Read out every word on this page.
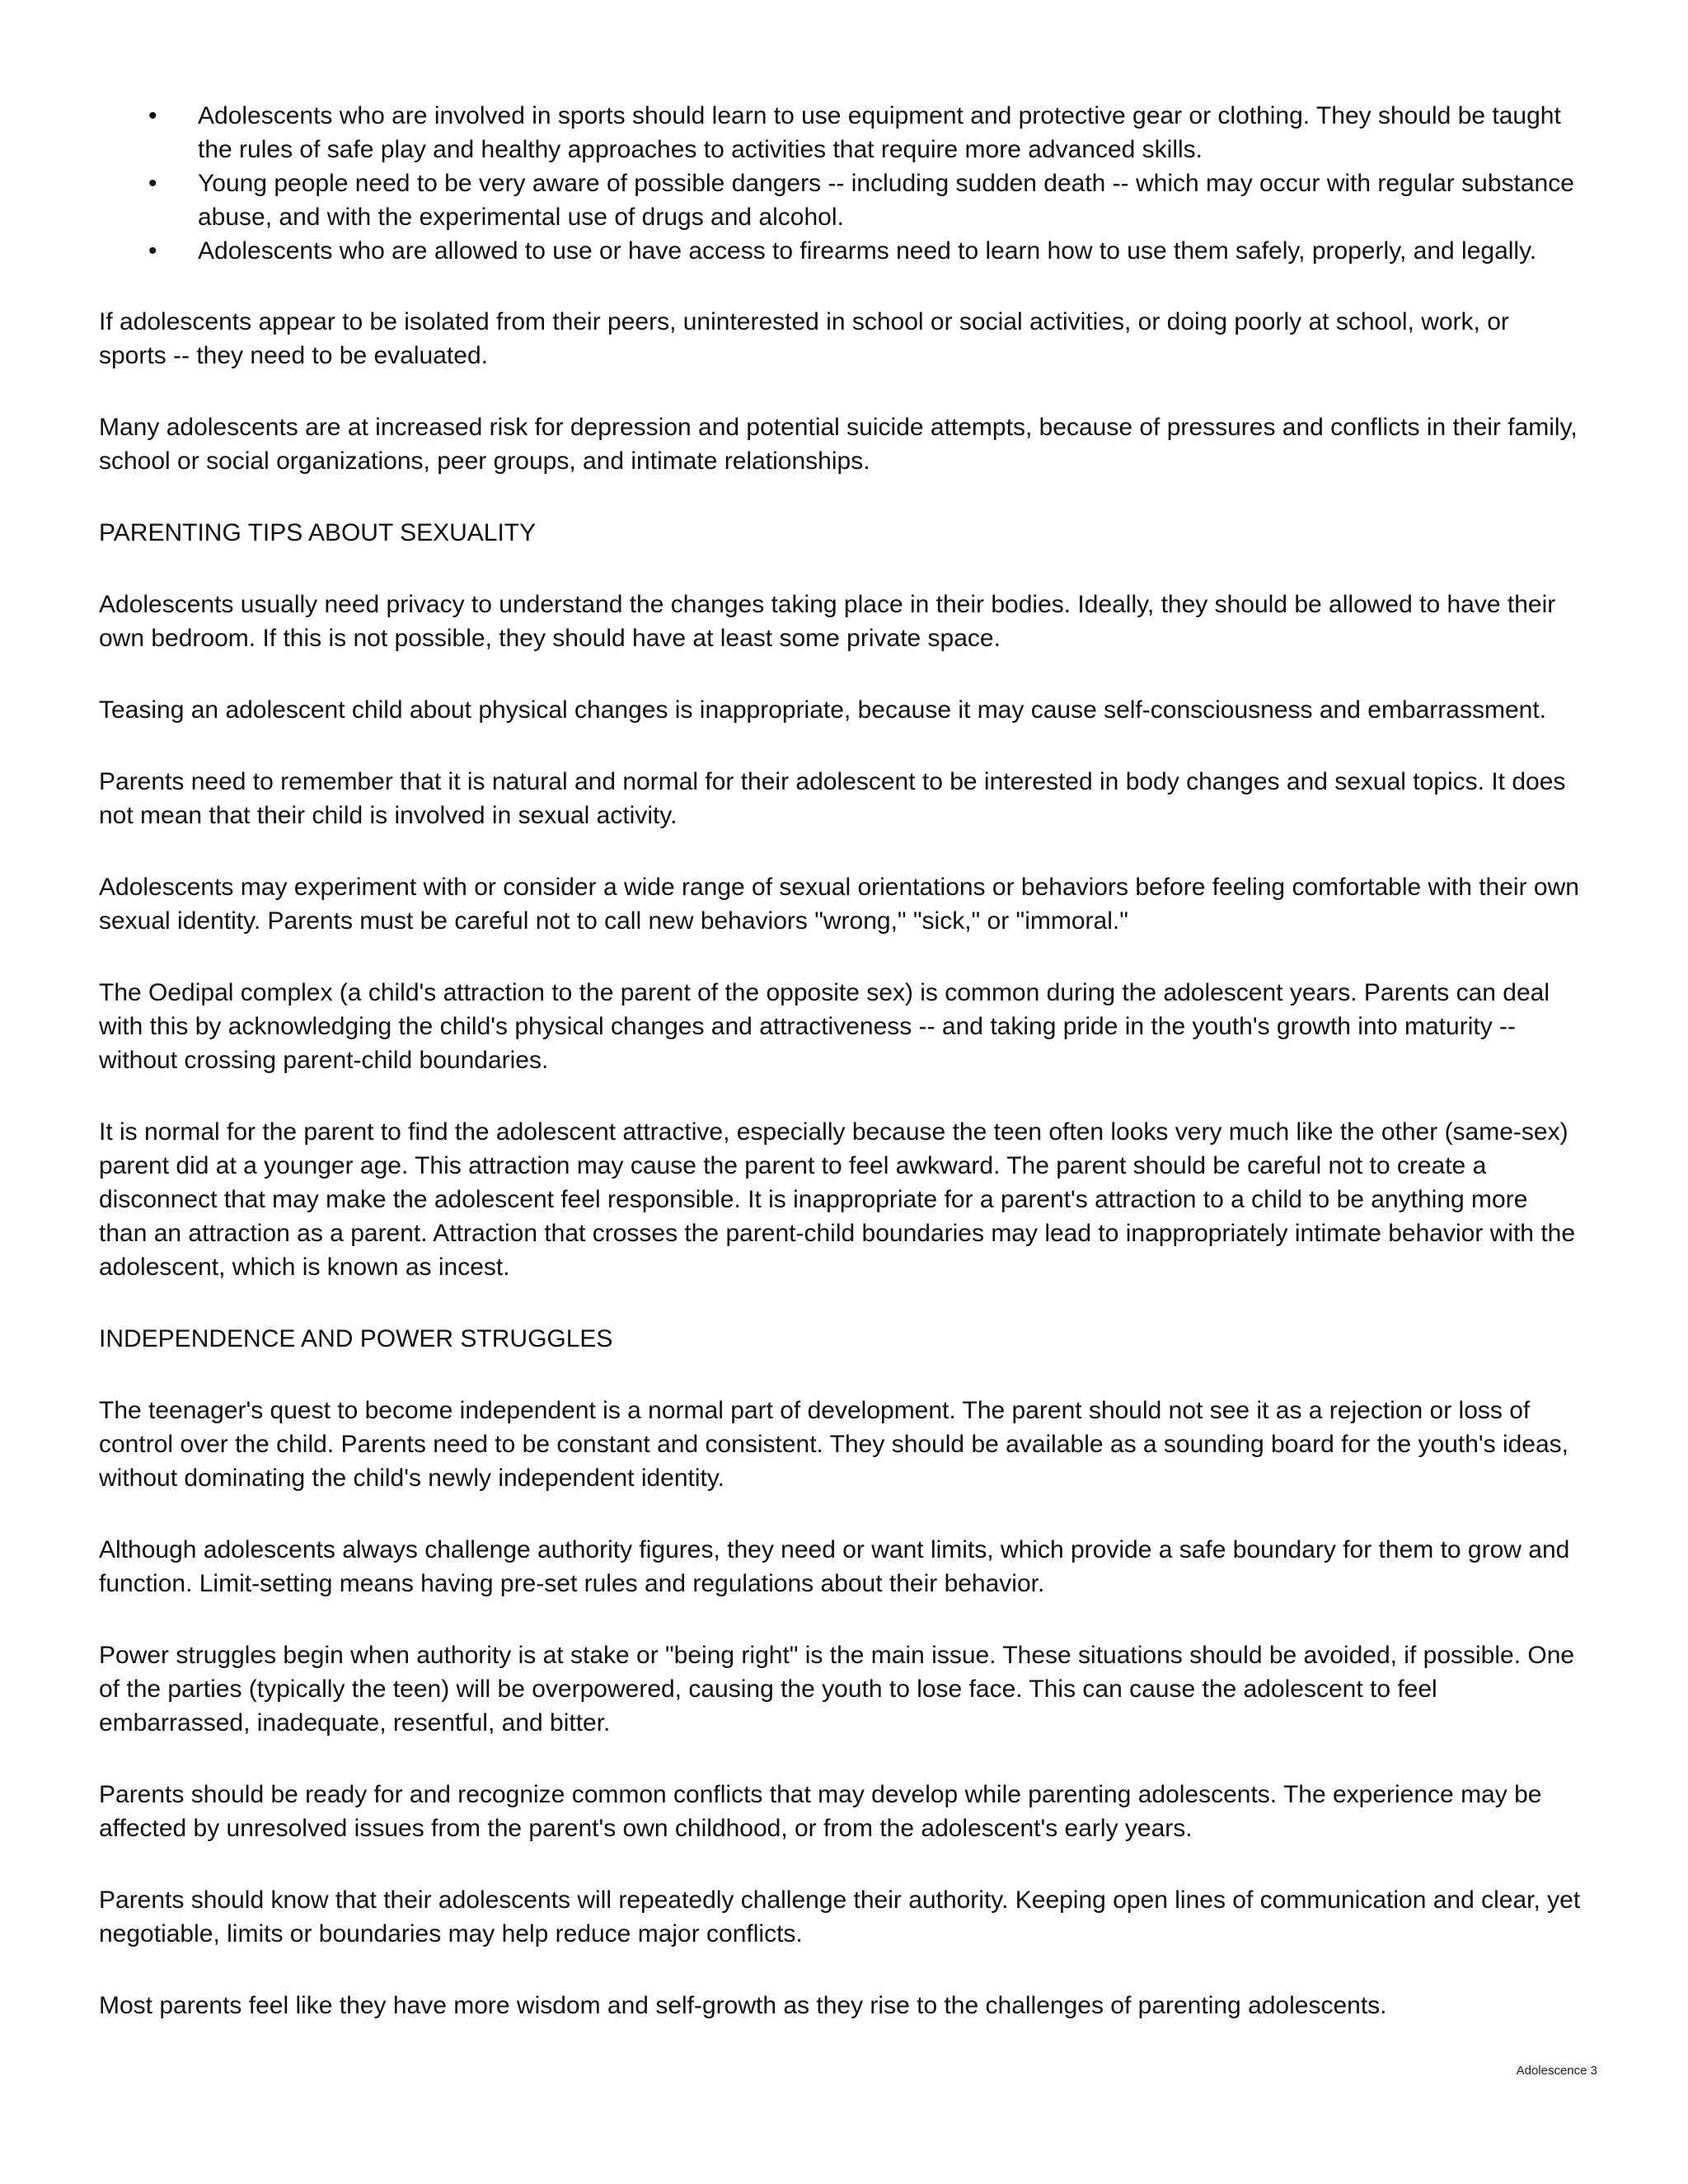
• Adolescents who are involved in sports should learn to use equipment and protective gear or clothing. They should be taught the rules of safe play and healthy approaches to activities that require more advanced skills.
• Young people need to be very aware of possible dangers -- including sudden death -- which may occur with regular substance abuse, and with the experimental use of drugs and alcohol.
• Adolescents who are allowed to use or have access to firearms need to learn how to use them safely, properly, and legally.

If adolescents appear to be isolated from their peers, uninterested in school or social activities, or doing poorly at school, work, or sports -- they need to be evaluated.

Many adolescents are at increased risk for depression and potential suicide attempts, because of pressures and conflicts in their family, school or social organizations, peer groups, and intimate relationships.

PARENTING TIPS ABOUT SEXUALITY

Adolescents usually need privacy to understand the changes taking place in their bodies. Ideally, they should be allowed to have their own bedroom. If this is not possible, they should have at least some private space.

Teasing an adolescent child about physical changes is inappropriate, because it may cause self-consciousness and embarrassment.

Parents need to remember that it is natural and normal for their adolescent to be interested in body changes and sexual topics. It does not mean that their child is involved in sexual activity.

Adolescents may experiment with or consider a wide range of sexual orientations or behaviors before feeling comfortable with their own sexual identity. Parents must be careful not to call new behaviors "wrong," "sick," or "immoral."

The Oedipal complex (a child's attraction to the parent of the opposite sex) is common during the adolescent years. Parents can deal with this by acknowledging the child's physical changes and attractiveness -- and taking pride in the youth's growth into maturity -- without crossing parent-child boundaries.

It is normal for the parent to find the adolescent attractive, especially because the teen often looks very much like the other (same-sex) parent did at a younger age. This attraction may cause the parent to feel awkward. The parent should be careful not to create a disconnect that may make the adolescent feel responsible. It is inappropriate for a parent's attraction to a child to be anything more than an attraction as a parent. Attraction that crosses the parent-child boundaries may lead to inappropriately intimate behavior with the adolescent, which is known as incest.

INDEPENDENCE AND POWER STRUGGLES

The teenager's quest to become independent is a normal part of development. The parent should not see it as a rejection or loss of control over the child. Parents need to be constant and consistent. They should be available as a sounding board for the youth's ideas, without dominating the child's newly independent identity.

Although adolescents always challenge authority figures, they need or want limits, which provide a safe boundary for them to grow and function. Limit-setting means having pre-set rules and regulations about their behavior.

Power struggles begin when authority is at stake or "being right" is the main issue. These situations should be avoided, if possible. One of the parties (typically the teen) will be overpowered, causing the youth to lose face. This can cause the adolescent to feel embarrassed, inadequate, resentful, and bitter.

Parents should be ready for and recognize common conflicts that may develop while parenting adolescents. The experience may be affected by unresolved issues from the parent's own childhood, or from the adolescent's early years.

Parents should know that their adolescents will repeatedly challenge their authority. Keeping open lines of communication and clear, yet negotiable, limits or boundaries may help reduce major conflicts.

Most parents feel like they have more wisdom and self-growth as they rise to the challenges of parenting adolescents.

Adolescence 3
